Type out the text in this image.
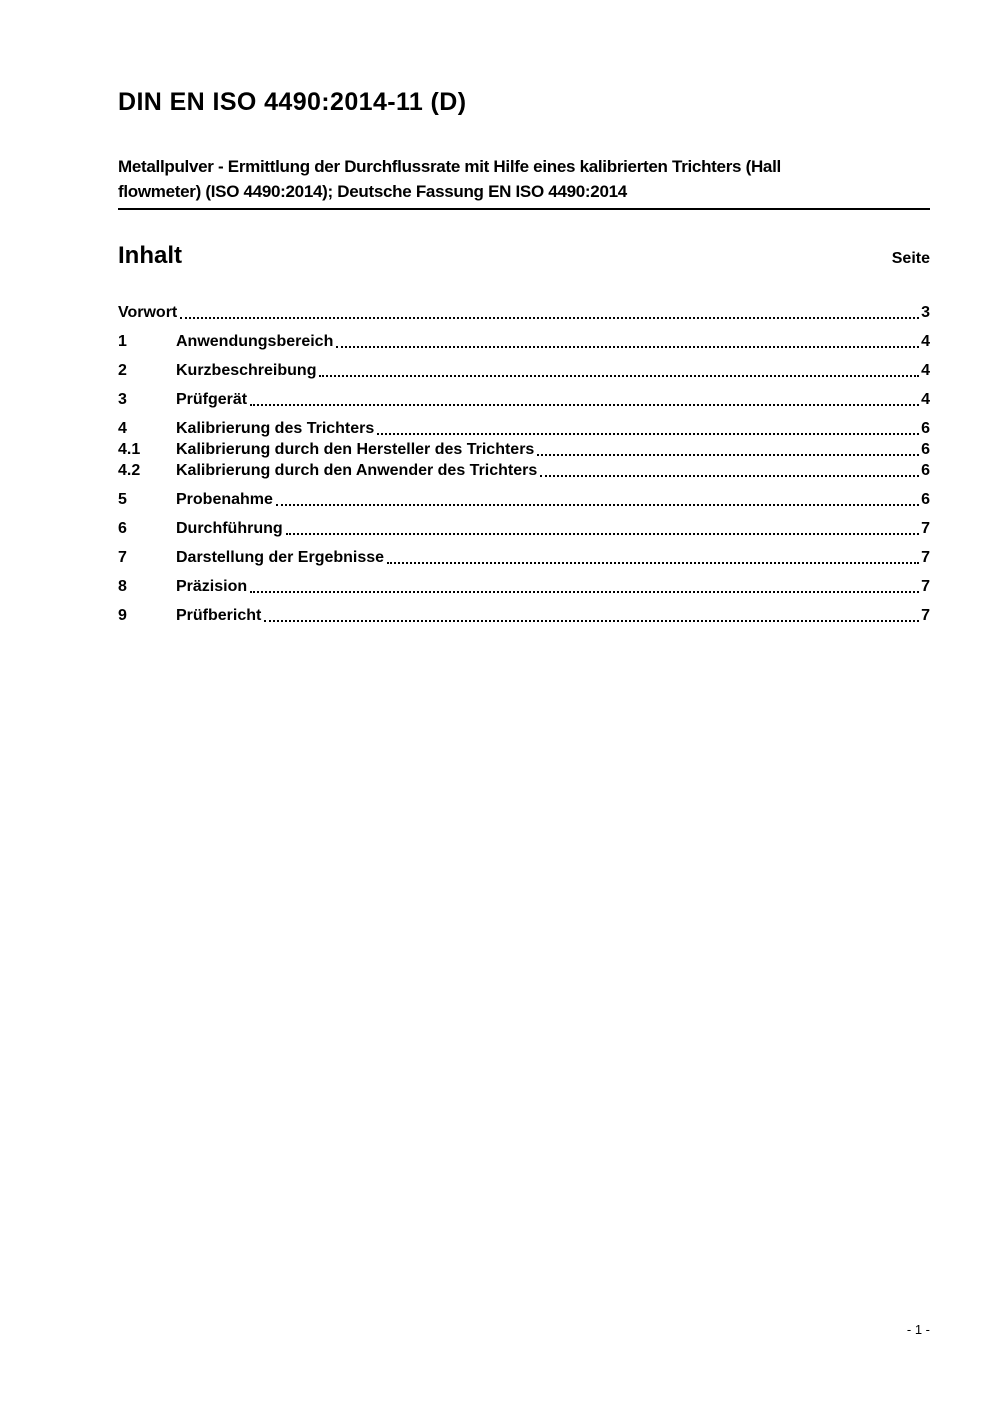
DIN EN ISO 4490:2014-11 (D)
Metallpulver - Ermittlung der Durchflussrate mit Hilfe eines kalibrierten Trichters (Hall
flowmeter) (ISO 4490:2014); Deutsche Fassung EN ISO 4490:2014
Inhalt	Seite
Vorwort	3
1	Anwendungsbereich	4
2	Kurzbeschreibung	4
3	Prüfgerät	4
4	Kalibrierung des Trichters	6
4.1	Kalibrierung durch den Hersteller des Trichters	6
4.2	Kalibrierung durch den Anwender des Trichters	6
5	Probenahme	6
6	Durchführung	7
7	Darstellung der Ergebnisse	7
8	Präzision	7
9	Prüfbericht	7
- 1 -
